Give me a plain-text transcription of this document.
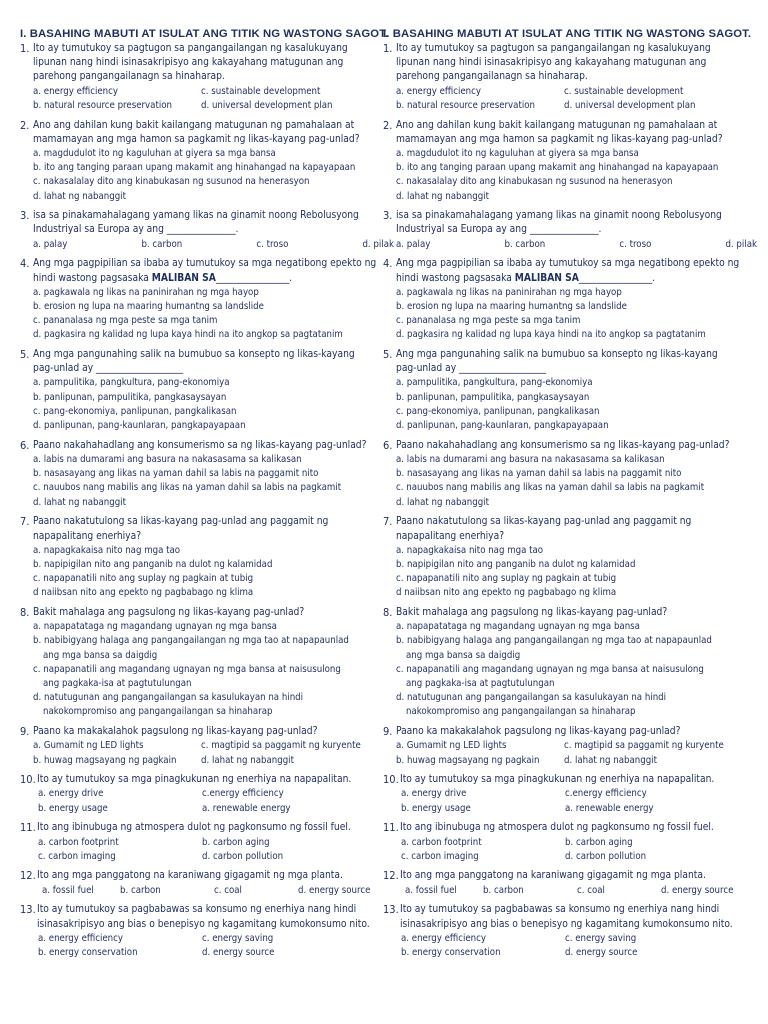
I. BASAHING MABUTI AT ISULAT ANG TITIK NG WASTONG SAGOT.
1. Ito ay tumutukoy sa pagtugon sa pangangailangan ng kasalukuyang
lipunan nang hindi isinasakripisyo ang kakayahang matugunan ang
parehong pangangailanagn sa hinaharap.
a. energy efficiency	c. sustainable development
b. natural resource preservation	d. universal development plan
2. Ano ang dahilan kung bakit kailangang matugunan ng pamahalaan at
mamamayan ang mga hamon sa pagkamit ng likas-kayang pag-unlad?
a. magdudulot ito ng kaguluhan at giyera sa mga bansa
b. ito ang tanging paraan upang makamit ang hinahangad na kapayapaan
c. nakasalalay dito ang kinabukasan ng susunod na henerasyon
d. lahat ng nabanggit
3. isa sa pinakamahalagang yamang likas na ginamit noong Rebolusyong
Industriyal sa Europa ay ang _______________.
a. palay	b. carbon	c. troso	d. pilak
4. Ang mga pagpipilian sa ibaba ay tumutukoy sa mga negatibong epekto ng
hindi wastong pagsasaka MALIBAN SA________________.
a. pagkawala ng likas na paninirahan ng mga hayop
b. erosion ng lupa na maaring humantng sa landslide
c. pananalasa ng mga peste sa mga tanim
d. pagkasira ng kalidad ng lupa kaya hindi na ito angkop sa pagtatanim
5. Ang mga pangunahing salik na bumubuo sa konsepto ng likas-kayang
pag-unlad ay ___________________
a. pampulitika, pangkultura, pang-ekonomiya
b. panlipunan, pampulitika, pangkasaysayan
c. pang-ekonomiya, panlipunan, pangkalikasan
d. panlipunan, pang-kaunlaran, pangkapayapaan
6. Paano nakahahadlang ang konsumerismo sa ng likas-kayang pag-unlad?
a. labis na dumarami ang basura na nakasasama sa kalikasan
b. nasasayang ang likas na yaman dahil sa labis na paggamit nito
c. nauubos nang mabilis ang likas na yaman dahil sa labis na pagkamit
d. lahat ng nabanggit
7. Paano nakatutulong sa likas-kayang pag-unlad ang paggamit ng
napapalitang enerhiya?
a. napagkakaisa nito nag mga tao
b. napipigilan nito ang panganib na dulot ng kalamidad
c. napapanatili nito ang suplay ng pagkain at tubig
d naiibsan nito ang epekto ng pagbabago ng klima
8. Bakit mahalaga ang pagsulong ng likas-kayang pag-unlad?
a. napapatataga ng magandang ugnayan ng mga bansa
b. nabibigyang halaga ang pangangailangan ng mga tao at napapaunlad
ang mga bansa sa daigdig
c. napapanatili ang magandang ugnayan ng mga bansa at naisusulong
ang pagkaka-isa at pagtutulungan
d. natutugunan ang pangangailangan sa kasulukayan na hindi
nakokompromiso ang pangangailangan sa hinaharap
9. Paano ka makakalahok pagsulong ng likas-kayang pag-unlad?
a. Gumamit ng LED lights	c. magtipid sa paggamit ng kuryente
b. huwag magsayang ng pagkain	d. lahat ng nabanggit
10. Ito ay tumutukoy sa mga pinagkukunan ng enerhiya na napapalitan.
a. energy drive	c.energy efficiency
b. energy usage	a. renewable energy
11. Ito ang ibinubuga ng atmospera dulot ng pagkonsumo ng fossil fuel.
a. carbon footprint	b. carbon aging
c. carbon imaging	d. carbon pollution
12. Ito ang mga panggatong na karaniwang gigagamit ng mga planta.
a. fossil fuel	b. carbon	c. coal	d. energy source
13. Ito ay tumutukoy sa pagbabawas sa konsumo ng enerhiya nang hindi
isinasakripisyo ang bias o benepisyo ng kagamitang kumokonsumo nito.
a. energy efficiency	c. energy saving
b. energy conservation	d. energy source
I. BASAHING MABUTI AT ISULAT ANG TITIK NG WASTONG SAGOT.
1. Ito ay tumutukoy sa pagtugon sa pangangailangan ng kasalukuyang
lipunan nang hindi isinasakripisyo ang kakayahang matugunan ang
parehong pangangailanagn sa hinaharap.
a. energy efficiency	c. sustainable development
b. natural resource preservation	d. universal development plan
2. Ano ang dahilan kung bakit kailangang matugunan ng pamahalaan at
mamamayan ang mga hamon sa pagkamit ng likas-kayang pag-unlad?
a. magdudulot ito ng kaguluhan at giyera sa mga bansa
b. ito ang tanging paraan upang makamit ang hinahangad na kapayapaan
c. nakasalalay dito ang kinabukasan ng susunod na henerasyon
d. lahat ng nabanggit
3. isa sa pinakamahalagang yamang likas na ginamit noong Rebolusyong
Industriyal sa Europa ay ang _______________.
a. palay	b. carbon	c. troso	d. pilak
4. Ang mga pagpipilian sa ibaba ay tumutukoy sa mga negatibong epekto ng
hindi wastong pagsasaka MALIBAN SA________________.
a. pagkawala ng likas na paninirahan ng mga hayop
b. erosion ng lupa na maaring humantng sa landslide
c. pananalasa ng mga peste sa mga tanim
d. pagkasira ng kalidad ng lupa kaya hindi na ito angkop sa pagtatanim
5. Ang mga pangunahing salik na bumubuo sa konsepto ng likas-kayang
pag-unlad ay ___________________
a. pampulitika, pangkultura, pang-ekonomiya
b. panlipunan, pampulitika, pangkasaysayan
c. pang-ekonomiya, panlipunan, pangkalikasan
d. panlipunan, pang-kaunlaran, pangkapayapaan
6. Paano nakahahadlang ang konsumerismo sa ng likas-kayang pag-unlad?
a. labis na dumarami ang basura na nakasasama sa kalikasan
b. nasasayang ang likas na yaman dahil sa labis na paggamit nito
c. nauubos nang mabilis ang likas na yaman dahil sa labis na pagkamit
d. lahat ng nabanggit
7. Paano nakatutulong sa likas-kayang pag-unlad ang paggamit ng
napapalitang enerhiya?
a. napagkakaisa nito nag mga tao
b. napipigilan nito ang panganib na dulot ng kalamidad
c. napapanatili nito ang suplay ng pagkain at tubig
d naiibsan nito ang epekto ng pagbabago ng klima
8. Bakit mahalaga ang pagsulong ng likas-kayang pag-unlad?
a. napapatataga ng magandang ugnayan ng mga bansa
b. nabibigyang halaga ang pangangailangan ng mga tao at napapaunlad
ang mga bansa sa daigdig
c. napapanatili ang magandang ugnayan ng mga bansa at naisusulong
ang pagkaka-isa at pagtutulungan
d. natutugunan ang pangangailangan sa kasulukayan na hindi
nakokompromiso ang pangangailangan sa hinaharap
9. Paano ka makakalahok pagsulong ng likas-kayang pag-unlad?
a. Gumamit ng LED lights	c. magtipid sa paggamit ng kuryente
b. huwag magsayang ng pagkain	d. lahat ng nabanggit
10. Ito ay tumutukoy sa mga pinagkukunan ng enerhiya na napapalitan.
a. energy drive	c.energy efficiency
b. energy usage	a. renewable energy
11. Ito ang ibinubuga ng atmospera dulot ng pagkonsumo ng fossil fuel.
a. carbon footprint	b. carbon aging
c. carbon imaging	d. carbon pollution
12. Ito ang mga panggatong na karaniwang gigagamit ng mga planta.
a. fossil fuel	b. carbon	c. coal	d. energy source
13. Ito ay tumutukoy sa pagbabawas sa konsumo ng enerhiya nang hindi
isinasakripisyo ang bias o benepisyo ng kagamitang kumokonsumo nito.
a. energy efficiency	c. energy saving
b. energy conservation	d. energy source
